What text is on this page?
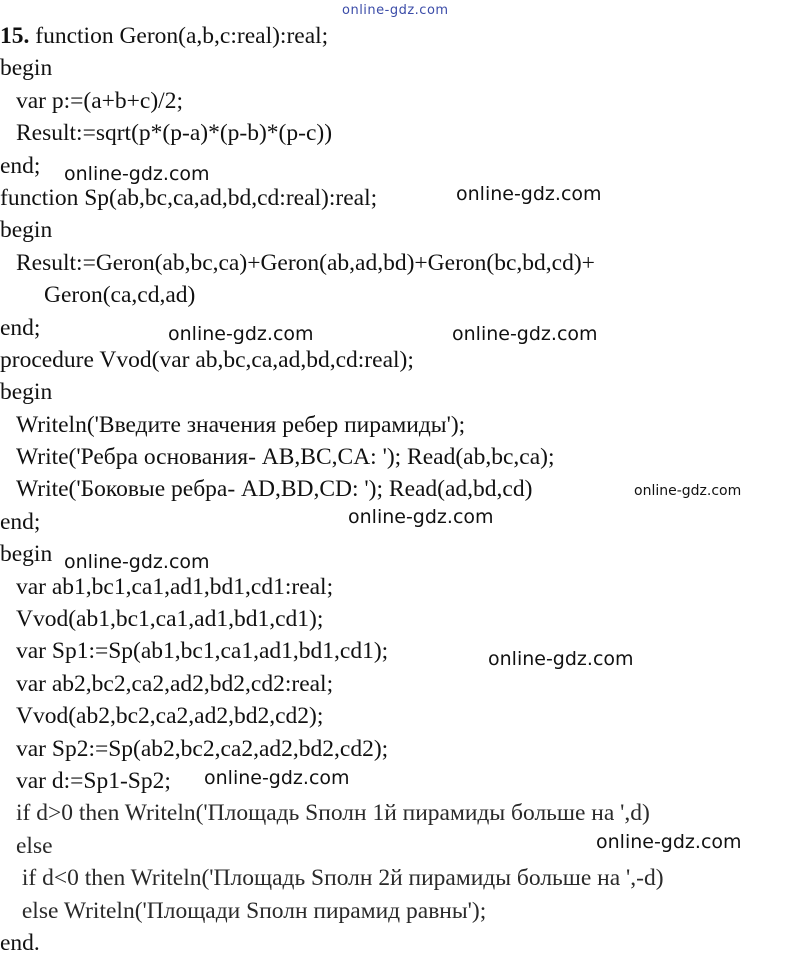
online-gdz.com
15. function Geron(a,b,c:real):real;
begin
var p:=(a+b+c)/2;
Result:=sqrt(p*(p-a)*(p-b)*(p-c))
end;
function Sp(ab,bc,ca,ad,bd,cd:real):real;
begin
Result:=Geron(ab,bc,ca)+Geron(ab,ad,bd)+Geron(bc,bd,cd)+
Geron(ca,cd,ad)
end;
procedure Vvod(var ab,bc,ca,ad,bd,cd:real);
begin
Writeln('Введите значения ребер пирамиды');
Write('Ребра основания- AB,BC,CA: '); Read(ab,bc,ca);
Write('Боковые ребра- AD,BD,CD: '); Read(ad,bd,cd)
end;
begin
var ab1,bc1,ca1,ad1,bd1,cd1:real;
Vvod(ab1,bc1,ca1,ad1,bd1,cd1);
var Sp1:=Sp(ab1,bc1,ca1,ad1,bd1,cd1);
var ab2,bc2,ca2,ad2,bd2,cd2:real;
Vvod(ab2,bc2,ca2,ad2,bd2,cd2);
var Sp2:=Sp(ab2,bc2,ca2,ad2,bd2,cd2);
var d:=Sp1-Sp2;
if d>0 then Writeln('Площадь Sполн 1й пирамиды больше на ',d)
else
if d<0 then Writeln('Площадь Sполн 2й пирамиды больше на ',-d)
else Writeln('Площади Sполн пирамид равны');
end.
online-gdz.com
online-gdz.com
online-gdz.com	online-gdz.com
online-gdz.com
online-gdz.com
online-gdz.com
online-gdz.com
online-gdz.com
online-gdz.com
